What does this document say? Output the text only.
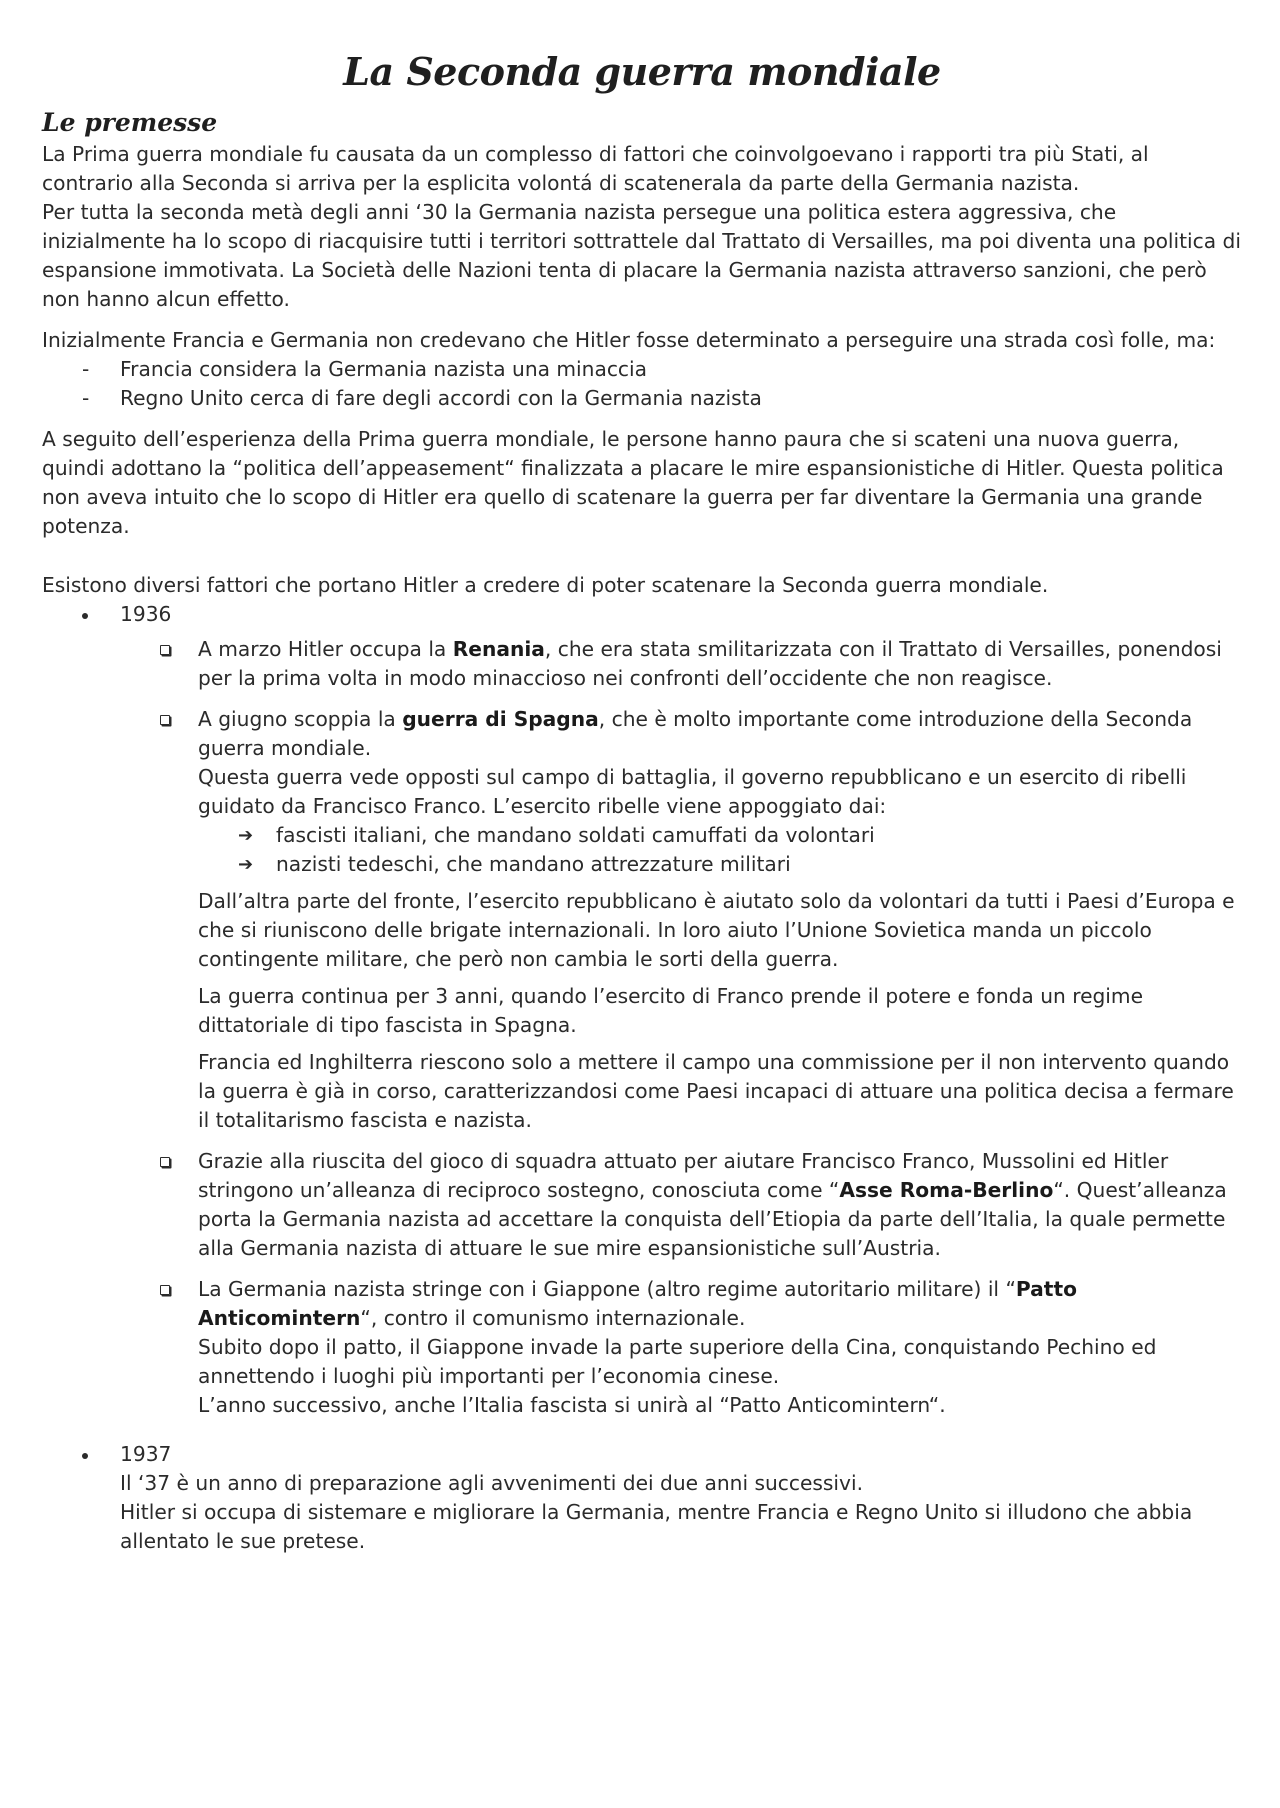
La Seconda guerra mondiale
Le premesse

La Prima guerra mondiale fu causata da un complesso di fattori che coinvolgoevano i rapporti tra più Stati, al contrario alla Seconda si arriva per la esplicita volontá di scatenerala da parte della Germania nazista.

Per tutta la seconda metà degli anni ‘30 la Germania nazista persegue una politica estera aggressiva, che inizialmente ha lo scopo di riacquisire tutti i territori sottrattele dal Trattato di Versailles, ma poi diventa una politica di espansione immotivata. La Società delle Nazioni tenta di placare la Germania nazista attraverso sanzioni, che però non hanno alcun effetto.

Inizialmente Francia e Germania non credevano che Hitler fosse determinato a perseguire una strada così folle, ma:

- Francia considera la Germania nazista una minaccia
- Regno Unito cerca di fare degli accordi con la Germania nazista

A seguito dell’esperienza della Prima guerra mondiale, le persone hanno paura che si scateni una nuova guerra, quindi adottano la “politica dell’appeasement“ finalizzata a placare le mire espansionistiche di Hitler. Questa politica non aveva intuito che lo scopo di Hitler era quello di scatenare la guerra per far diventare la Germania una grande potenza.

Esistono diversi fattori che portano Hitler a credere di poter scatenare la Seconda guerra mondiale.

1936

A marzo Hitler occupa la Renania, che era stata smilitarizzata con il Trattato di Versailles, ponendosi per la prima volta in modo minaccioso nei confronti dell’occidente che non reagisce.

A giugno scoppia la guerra di Spagna, che è molto importante come introduzione della Seconda guerra mondiale.

Questa guerra vede opposti sul campo di battaglia, il governo repubblicano e un esercito di ribelli guidato da Francisco Franco. L’esercito ribelle viene appoggiato dai:

➔ fascisti italiani, che mandano soldati camuffati da volontari
➔ nazisti tedeschi, che mandano attrezzature militari

Dall’altra parte del fronte, l’esercito repubblicano è aiutato solo da volontari da tutti i Paesi d’Europa e che si riuniscono delle brigate internazionali. In loro aiuto l’Unione Sovietica manda un piccolo contingente militare, che però non cambia le sorti della guerra.

La guerra continua per 3 anni, quando l’esercito di Franco prende il potere e fonda un regime dittatoriale di tipo fascista in Spagna.

Francia ed Inghilterra riescono solo a mettere il campo una commissione per il non intervento quando la guerra è già in corso, caratterizzandosi come Paesi incapaci di attuare una politica decisa a fermare il totalitarismo fascista e nazista.

Grazie alla riuscita del gioco di squadra attuato per aiutare Francisco Franco, Mussolini ed Hitler stringono un’alleanza di reciproco sostegno, conosciuta come “Asse Roma-Berlino“. Quest’alleanza porta la Germania nazista ad accettare la conquista dell’Etiopia da parte dell’Italia, la quale permette alla Germania nazista di attuare le sue mire espansionistiche sull’Austria.

La Germania nazista stringe con i Giappone (altro regime autoritario militare) il “Patto Anticomintern“, contro il comunismo internazionale.

Subito dopo il patto, il Giappone invade la parte superiore della Cina, conquistando Pechino ed annettendo i luoghi più importanti per l’economia cinese.

L’anno successivo, anche l’Italia fascista si unirà al “Patto Anticomintern“.

1937

Il ‘37 è un anno di preparazione agli avvenimenti dei due anni successivi.

Hitler si occupa di sistemare e migliorare la Germania, mentre Francia e Regno Unito si illudono che abbia allentato le sue pretese.
